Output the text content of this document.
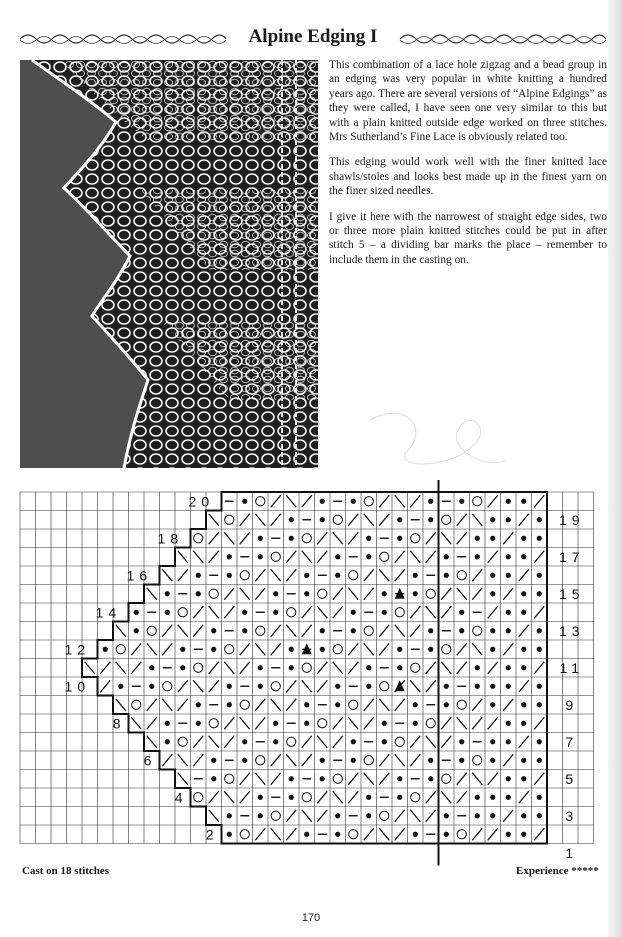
Alpine Edging I

This combination of a lace hole zigzag and a bead group in an edging was very popular in white knitting a hundred years ago. There are several versions of “Alpine Edgings” as they were called, I have seen one very similar to this but with a plain knitted outside edge worked on three stitches. Mrs Sutherland’s Fine Lace is obviously related too.

This edging would work well with the finer knitted lace shawls/stoles and looks best made up in the finest yarn on the finer sized needles.

I give it here with the narrowest of straight edge sides, two or three more plain knitted stitches could be put in after stitch 5 – a dividing bar marks the place – remember to include them in the casting on.

19
17
15
13
11
9
7
5
3
1
20
18
16
14
12
10
8
6
4
2
Cast on 18 stitches	Experience *****
170
